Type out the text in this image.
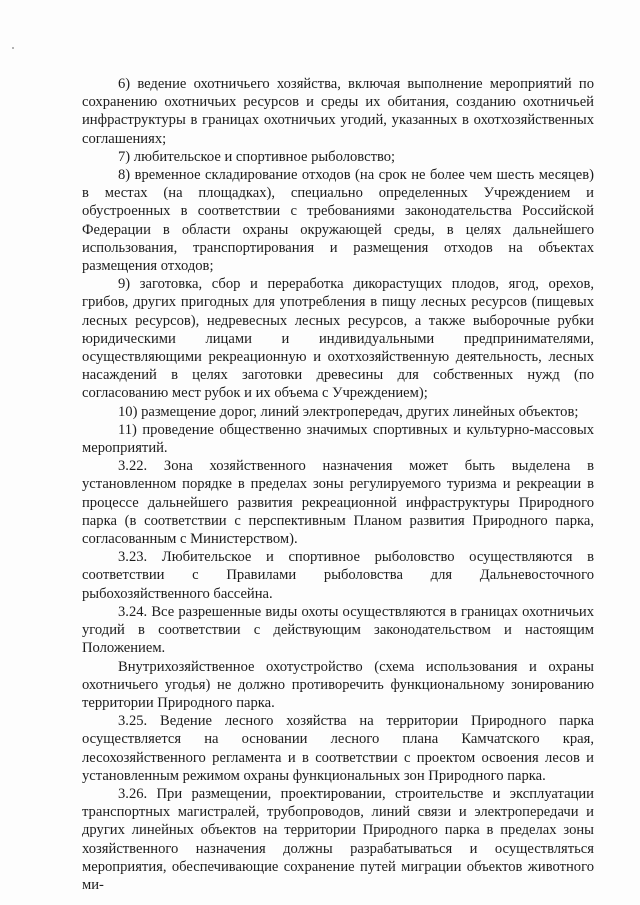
6) ведение охотничьего хозяйства, включая выполнение мероприятий по сохранению охотничьих ресурсов и среды их обитания, созданию охотничьей инфраструктуры в границах охотничьих угодий, указанных в охотхозяйственных соглашениях;

7) любительское и спортивное рыболовство;

8) временное складирование отходов (на срок не более чем шесть месяцев) в местах (на площадках), специально определенных Учреждением и обустроенных в соответствии с требованиями законодательства Российской Федерации в области охраны окружающей среды, в целях дальнейшего использования, транспортирования и размещения отходов на объектах размещения отходов;

9) заготовка, сбор и переработка дикорастущих плодов, ягод, орехов, грибов, других пригодных для употребления в пищу лесных ресурсов (пищевых лесных ресурсов), недревесных лесных ресурсов, а также выборочные рубки юридическими лицами и индивидуальными предпринимателями, осуществляющими рекреационную и охотхозяйственную деятельность, лесных насаждений в целях заготовки древесины для собственных нужд (по согласованию мест рубок и их объема с Учреждением);

10) размещение дорог, линий электропередач, других линейных объектов;

11) проведение общественно значимых спортивных и культурно-массовых мероприятий.

3.22. Зона хозяйственного назначения может быть выделена в установленном порядке в пределах зоны регулируемого туризма и рекреации в процессе дальнейшего развития рекреационной инфраструктуры Природного парка (в соответствии с перспективным Планом развития Природного парка, согласованным с Министерством).

3.23. Любительское и спортивное рыболовство осуществляются в соответствии с Правилами рыболовства для Дальневосточного рыбохозяйственного бассейна.

3.24. Все разрешенные виды охоты осуществляются в границах охотничьих угодий в соответствии с действующим законодательством и настоящим Положением.

Внутрихозяйственное охотустройство (схема использования и охраны охотничьего угодья) не должно противоречить функциональному зонированию территории Природного парка.

3.25. Ведение лесного хозяйства на территории Природного парка осуществляется на основании лесного плана Камчатского края, лесохозяйственного регламента и в соответствии с проектом освоения лесов и установленным режимом охраны функциональных зон Природного парка.

3.26. При размещении, проектировании, строительстве и эксплуатации транспортных магистралей, трубопроводов, линий связи и электропередачи и других линейных объектов на территории Природного парка в пределах зоны хозяйственного назначения должны разрабатываться и осуществляться мероприятия, обеспечивающие сохранение путей миграции объектов животного ми-
